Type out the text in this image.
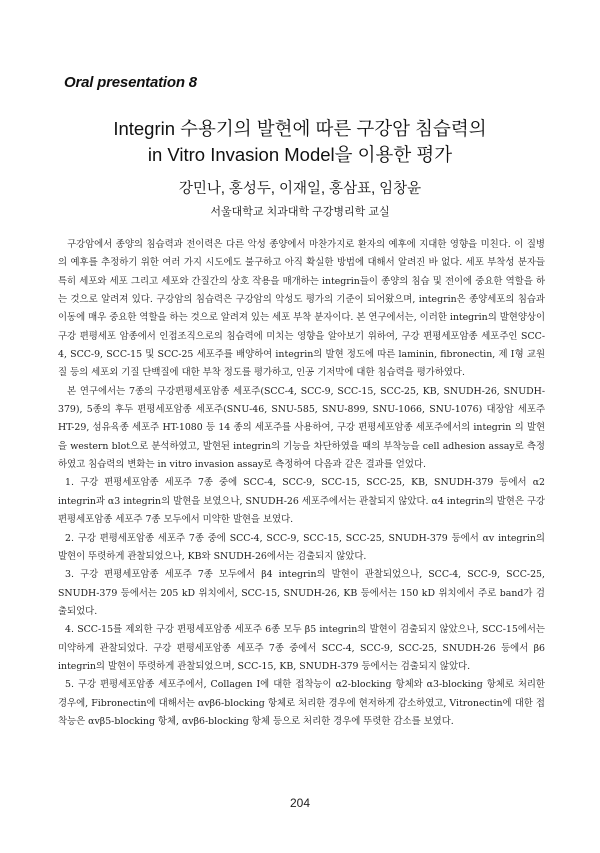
Oral presentation 8
Integrin 수용기의 발현에 따른 구강암 침습력의
in Vitro Invasion Model을 이용한 평가
강민나, 홍성두, 이재일, 홍삼표, 임창윤
서울대학교 치과대학 구강병리학 교실

구강암에서 종양의 침습력과 전이력은 다른 악성 종양에서 마찬가지로 환자의 예후에 지대한 영향을 미친다. 이 질병의 예후를 추정하기 위한 여러 가지 시도에도 불구하고 아직 확실한 방법에 대해서 알려진 바 없다. 세포 부착성 분자들 특히 세포와 세포 그리고 세포와 간질간의 상호 작용을 매개하는 integrin들이 종양의 침습 및 전이에 중요한 역할을 하는 것으로 알려져 있다. 구강암의 침습력은 구강암의 악성도 평가의 기준이 되어왔으며, integrin은 종양세포의 침습과 이동에 매우 중요한 역할을 하는 것으로 알려져 있는 세포 부착 분자이다. 본 연구에서는, 이러한 integrin의 발현양상이 구강 편평세포 암종에서 인접조직으로의 침습력에 미치는 영향을 알아보기 위하여, 구강 편평세포암종 세포주인 SCC-4, SCC-9, SCC-15 및 SCC-25 세포주를 배양하여 integrin의 발현 정도에 따른 laminin, fibronectin, 제 Ⅰ형 교원질 등의 세포외 기질 단백질에 대한 부착 정도를 평가하고, 인공 기저막에 대한 침습력을 평가하였다.

본 연구에서는 7종의 구강편평세포암종 세포주(SCC-4, SCC-9, SCC-15, SCC-25, KB, SNUDH-26, SNUDH-379), 5종의 후두 편평세포암종 세포주(SNU-46, SNU-585, SNU-899, SNU-1066, SNU-1076) 대장암 세포주 HT-29, 섬유육종 세포주 HT-1080 등 14 종의 세포주를 사용하여, 구강 편평세포암종 세포주에서의 integrin 의 발현을 western blot으로 분석하였고, 발현된 integrin의 기능을 차단하였을 때의 부착능을 cell adhesion assay로 측정하였고 침습력의 변화는 in vitro invasion assay로 측정하여 다음과 같은 결과를 얻었다.

1. 구강 편평세포암종 세포주 7종 중에 SCC-4, SCC-9, SCC-15, SCC-25, KB, SNUDH-379 등에서 α2 integrin과 α3 integrin의 발현을 보였으나, SNUDH-26 세포주에서는 관찰되지 않았다. α4 integrin의 발현은 구강 편평세포암종 세포주 7종 모두에서 미약한 발현을 보였다.

2. 구강 편평세포암종 세포주 7종 중에 SCC-4, SCC-9, SCC-15, SCC-25, SNUDH-379 등에서 αv integrin의 발현이 뚜렷하게 관찰되었으나, KB와 SNUDH-26에서는 검출되지 않았다.

3. 구강 편평세포암종 세포주 7종 모두에서 β4 integrin의 발현이 관찰되었으나, SCC-4, SCC-9, SCC-25, SNUDH-379 등에서는 205 kD 위치에서, SCC-15, SNUDH-26, KB 등에서는 150 kD 위치에서 주로 band가 검출되었다.

4. SCC-15를 제외한 구강 편평세포암종 세포주 6종 모두 β5 integrin의 발현이 검출되지 않았으나, SCC-15에서는 미약하게 관찰되었다. 구강 편평세포암종 세포주 7종 중에서 SCC-4, SCC-9, SCC-25, SNUDH-26 등에서 β6 integrin의 발현이 뚜렷하게 관찰되었으며, SCC-15, KB, SNUDH-379 등에서는 검출되지 않았다.

5. 구강 편평세포암종 세포주에서, Collagen I에 대한 접착능이 α2-blocking 항체와 α3-blocking 항체로 처리한 경우에, Fibronectin에 대해서는 αvβ6-blocking 항체로 처리한 경우에 현저하게 감소하였고, Vitronectin에 대한 접착능은 αvβ5-blocking 항체, αvβ6-blocking 항체 등으로 처리한 경우에 뚜렷한 감소를 보였다.

204
